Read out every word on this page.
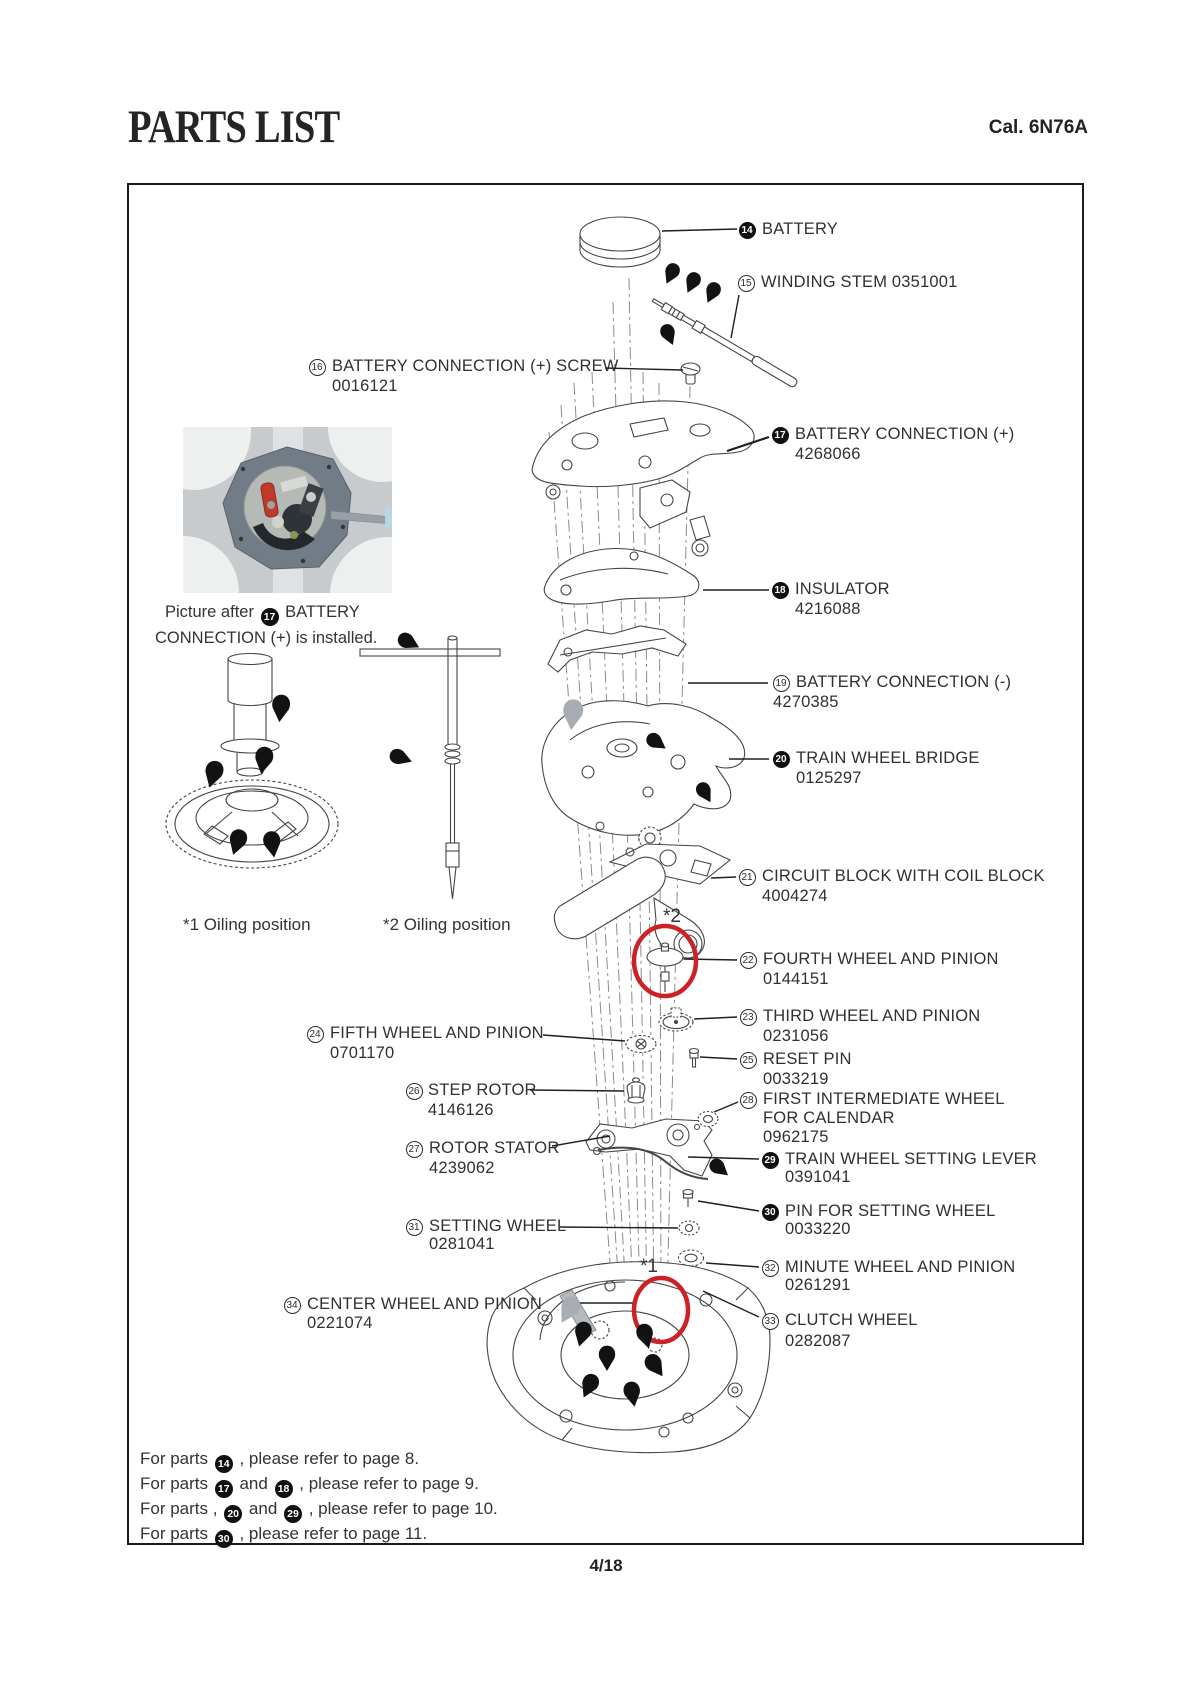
PARTS LIST	Cal. 6N76A
Picture after 17 BATTERY
CONNECTION (+) is installed.
*1 Oiling position	*2 Oiling position	*2
*1
14 BATTERY
15 WINDING STEM 0351001
16 BATTERY CONNECTION (+) SCREW
0016121
17 BATTERY CONNECTION (+)
4268066
18 INSULATOR
4216088
19 BATTERY CONNECTION (-)
4270385
20 TRAIN WHEEL BRIDGE
0125297
21 CIRCUIT BLOCK WITH COIL BLOCK
4004274
22 FOURTH WHEEL AND PINION
0144151
23 THIRD WHEEL AND PINION
0231056
24 FIFTH WHEEL AND PINION
0701170	25 RESET PIN
0033219
26 STEP ROTOR
4146126
27 ROTOR STATOR
4239062
28 FIRST INTERMEDIATE WHEEL
FOR CALENDAR
0962175
29 TRAIN WHEEL SETTING LEVER
0391041
30 PIN FOR SETTING WHEEL
0033220
31 SETTING WHEEL
0281041
32 MINUTE WHEEL AND PINION
0261291
33 CLUTCH WHEEL
0282087
34 CENTER WHEEL AND PINION
0221074
For parts 14 , please refer to page 8.
For parts 17 and 18 , please refer to page 9.
For parts , 20 and 29 , please refer to page 10.
For parts 30 , please refer to page 11.
4/18
